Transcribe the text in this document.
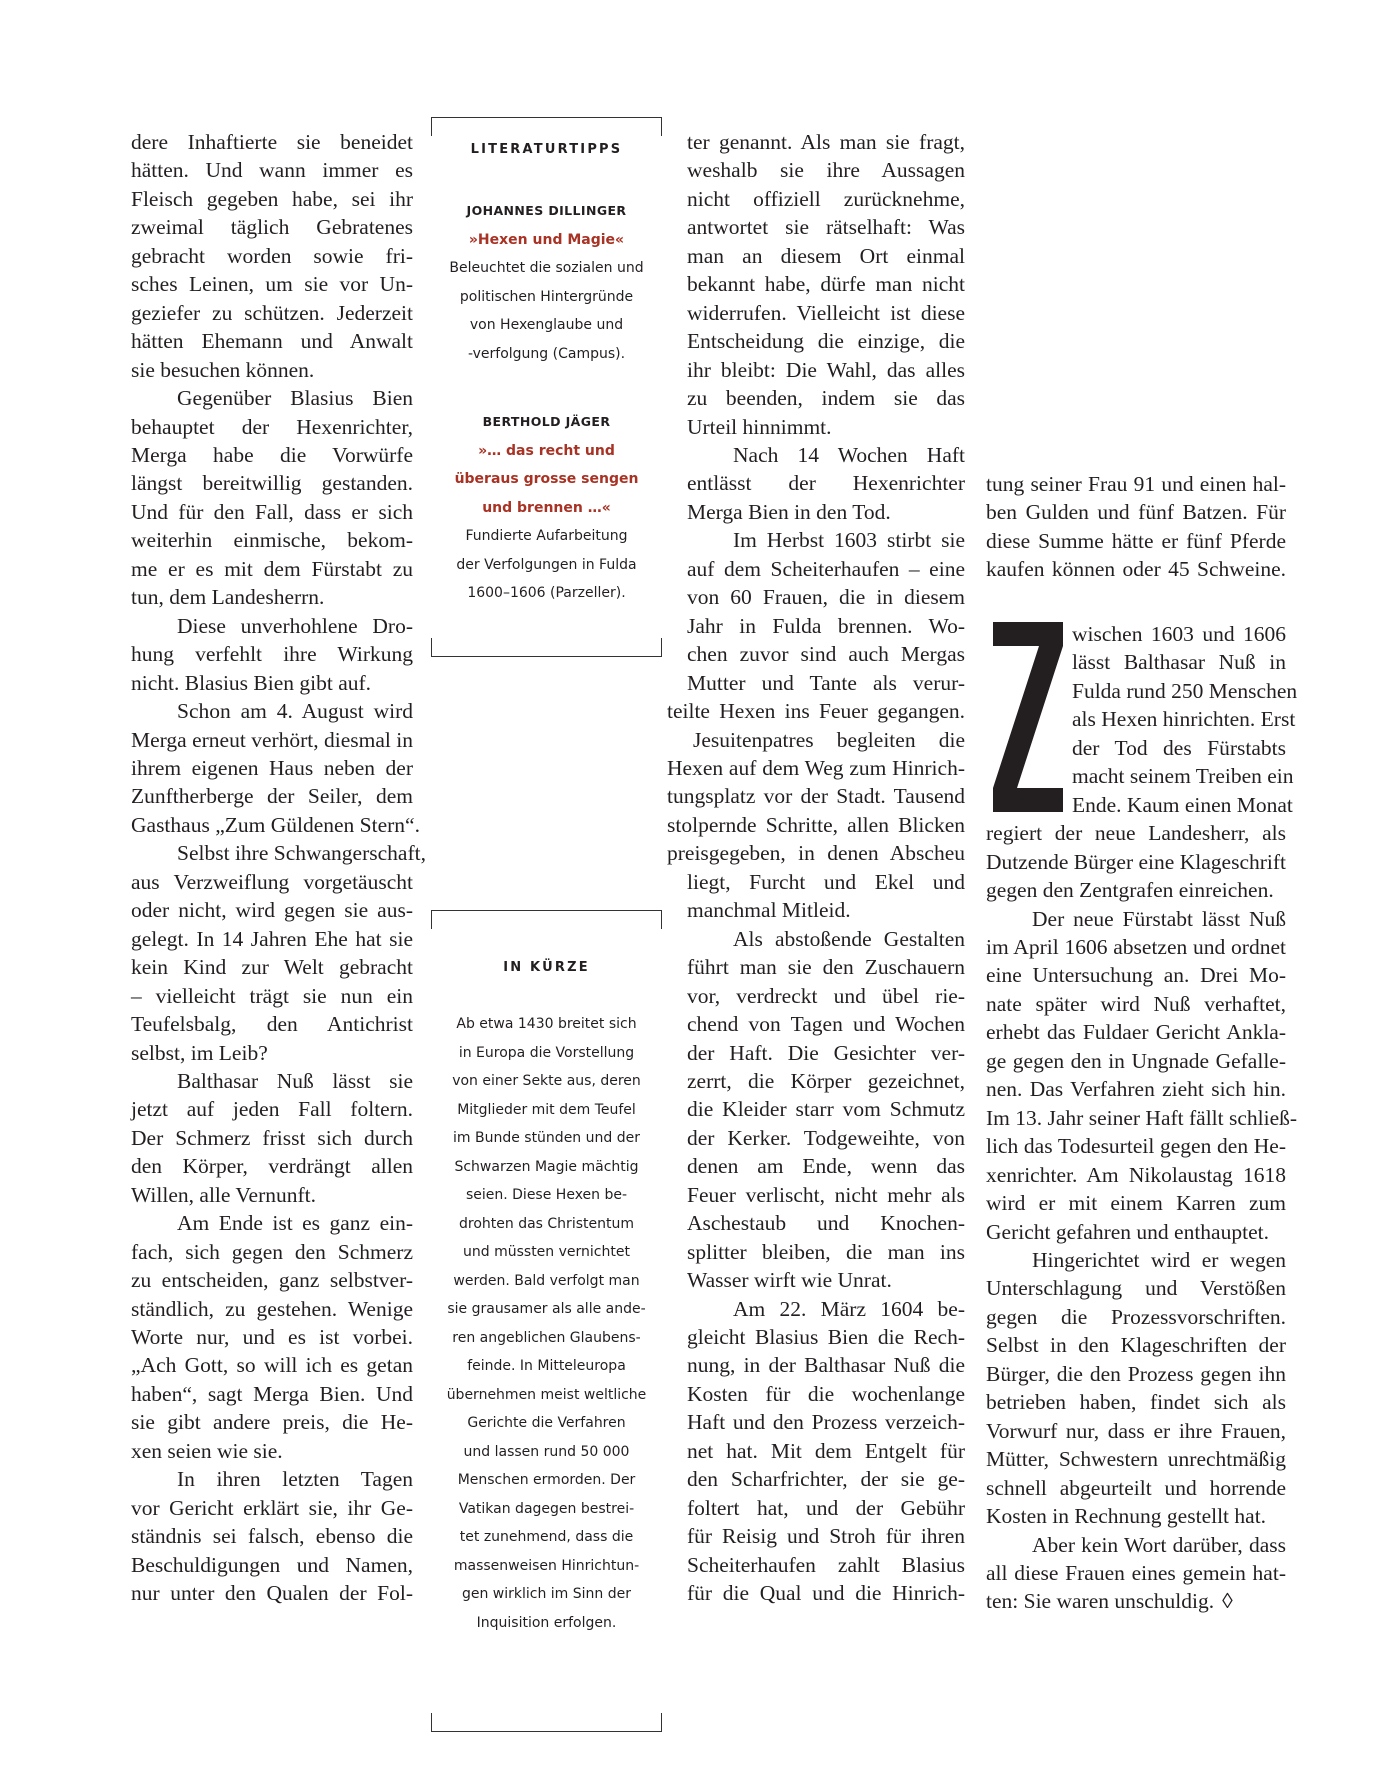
dere Inhaftierte sie beneidet
hätten. Und wann immer es
Fleisch gegeben habe, sei ihr
zweimal täglich Gebratenes
gebracht worden sowie fri-
sches Leinen, um sie vor Un-
geziefer zu schützen. Jederzeit
hätten Ehemann und Anwalt
sie besuchen können.
Gegenüber Blasius Bien
behauptet der Hexenrichter,
Merga habe die Vorwürfe
längst bereitwillig gestanden.
Und für den Fall, dass er sich
weiterhin einmische, bekom-
me er es mit dem Fürstabt zu
tun, dem Landesherrn.
Diese unverhohlene Dro-
hung verfehlt ihre Wirkung
nicht. Blasius Bien gibt auf.
Schon am 4. August wird
Merga erneut verhört, diesmal in
ihrem eigenen Haus neben der
Zunftherberge der Seiler, dem
Gasthaus „Zum Güldenen Stern“.
Selbst ihre Schwangerschaft,
aus Verzweiflung vorgetäuscht
oder nicht, wird gegen sie aus-
gelegt. In 14 Jahren Ehe hat sie
kein Kind zur Welt gebracht
– vielleicht trägt sie nun ein
Teufelsbalg, den Antichrist
selbst, im Leib?
Balthasar Nuß lässt sie
jetzt auf jeden Fall foltern.
Der Schmerz frisst sich durch
den Körper, verdrängt allen
Willen, alle Vernunft.
Am Ende ist es ganz ein-
fach, sich gegen den Schmerz
zu entscheiden, ganz selbstver-
ständlich, zu gestehen. Wenige
Worte nur, und es ist vorbei.
„Ach Gott, so will ich es getan
haben“, sagt Merga Bien. Und
sie gibt andere preis, die He-
xen seien wie sie.
In ihren letzten Tagen
vor Gericht erklärt sie, ihr Ge-
ständnis sei falsch, ebenso die
Beschuldigungen und Namen,
nur unter den Qualen der Fol-
LITERATURTIPPS
JOHANNES DILLINGER
»Hexen und Magie«
Beleuchtet die sozialen und
politischen Hintergründe
von Hexenglaube und
-verfolgung (Campus).
BERTHOLD JÄGER
»… das recht und
überaus grosse sengen
und brennen …«
Fundierte Aufarbeitung
der Verfolgungen in Fulda
1600–1606 (Parzeller).
IN KÜRZE
Ab etwa 1430 breitet sich
in Europa die Vorstellung
von einer Sekte aus, deren
Mitglieder mit dem Teufel
im Bunde stünden und der
Schwarzen Magie mächtig
seien. Diese Hexen be-
drohten das Christentum
und müssten vernichtet
werden. Bald verfolgt man
sie grausamer als alle ande-
ren angeblichen Glaubens-
feinde. In Mitteleuropa
übernehmen meist weltliche
Gerichte die Verfahren
und lassen rund 50 000
Menschen ermorden. Der
Vatikan dagegen bestrei-
tet zunehmend, dass die
massenweisen Hinrichtun-
gen wirklich im Sinn der
Inquisition erfolgen.
ter genannt. Als man sie fragt,
weshalb sie ihre Aussagen
nicht offiziell zurücknehme,
antwortet sie rätselhaft: Was
man an diesem Ort einmal
bekannt habe, dürfe man nicht
widerrufen. Vielleicht ist diese
Entscheidung die einzige, die
ihr bleibt: Die Wahl, das alles
zu beenden, indem sie das
Urteil hinnimmt.
Nach 14 Wochen Haft
entlässt der Hexenrichter
Merga Bien in den Tod.
Im Herbst 1603 stirbt sie
auf dem Scheiterhaufen – eine
von 60 Frauen, die in diesem
Jahr in Fulda brennen. Wo-
chen zuvor sind auch Mergas
Mutter und Tante als verur-
teilte Hexen ins Feuer gegangen.
Jesuitenpatres begleiten die
Hexen auf dem Weg zum Hinrich-
tungsplatz vor der Stadt. Tausend
stolpernde Schritte, allen Blicken
preisgegeben, in denen Abscheu
liegt, Furcht und Ekel und
manchmal Mitleid.
Als abstoßende Gestalten
führt man sie den Zuschauern
vor, verdreckt und übel rie-
chend von Tagen und Wochen
der Haft. Die Gesichter ver-
zerrt, die Körper gezeichnet,
die Kleider starr vom Schmutz
der Kerker. Todgeweihte, von
denen am Ende, wenn das
Feuer verlischt, nicht mehr als
Aschestaub und Knochen-
splitter bleiben, die man ins
Wasser wirft wie Unrat.
Am 22. März 1604 be-
gleicht Blasius Bien die Rech-
nung, in der Balthasar Nuß die
Kosten für die wochenlange
Haft und den Prozess verzeich-
net hat. Mit dem Entgelt für
den Scharfrichter, der sie ge-
foltert hat, und der Gebühr
für Reisig und Stroh für ihren
Scheiterhaufen zahlt Blasius
für die Qual und die Hinrich-
tung seiner Frau 91 und einen hal-
ben Gulden und fünf Batzen. Für
diese Summe hätte er fünf Pferde
kaufen können oder 45 Schweine.
wischen 1603 und 1606
lässt Balthasar Nuß in
Fulda rund 250 Menschen
als Hexen hinrichten. Erst
der Tod des Fürstabts
macht seinem Treiben ein
Ende. Kaum einen Monat
regiert der neue Landesherr, als
Dutzende Bürger eine Klageschrift
gegen den Zentgrafen einreichen.
Der neue Fürstabt lässt Nuß
im April 1606 absetzen und ordnet
eine Untersuchung an. Drei Mo-
nate später wird Nuß verhaftet,
erhebt das Fuldaer Gericht Ankla-
ge gegen den in Ungnade Gefalle-
nen. Das Verfahren zieht sich hin.
Im 13. Jahr seiner Haft fällt schließ-
lich das Todesurteil gegen den He-
xenrichter. Am Nikolaustag 1618
wird er mit einem Karren zum
Gericht gefahren und enthauptet.
Hingerichtet wird er wegen
Unterschlagung und Verstößen
gegen die Prozessvorschriften.
Selbst in den Klageschriften der
Bürger, die den Prozess gegen ihn
betrieben haben, findet sich als
Vorwurf nur, dass er ihre Frauen,
Mütter, Schwestern unrechtmäßig
schnell abgeurteilt und horrende
Kosten in Rechnung gestellt hat.
Aber kein Wort darüber, dass
all diese Frauen eines gemein hat-
ten: Sie waren unschuldig. ◊
